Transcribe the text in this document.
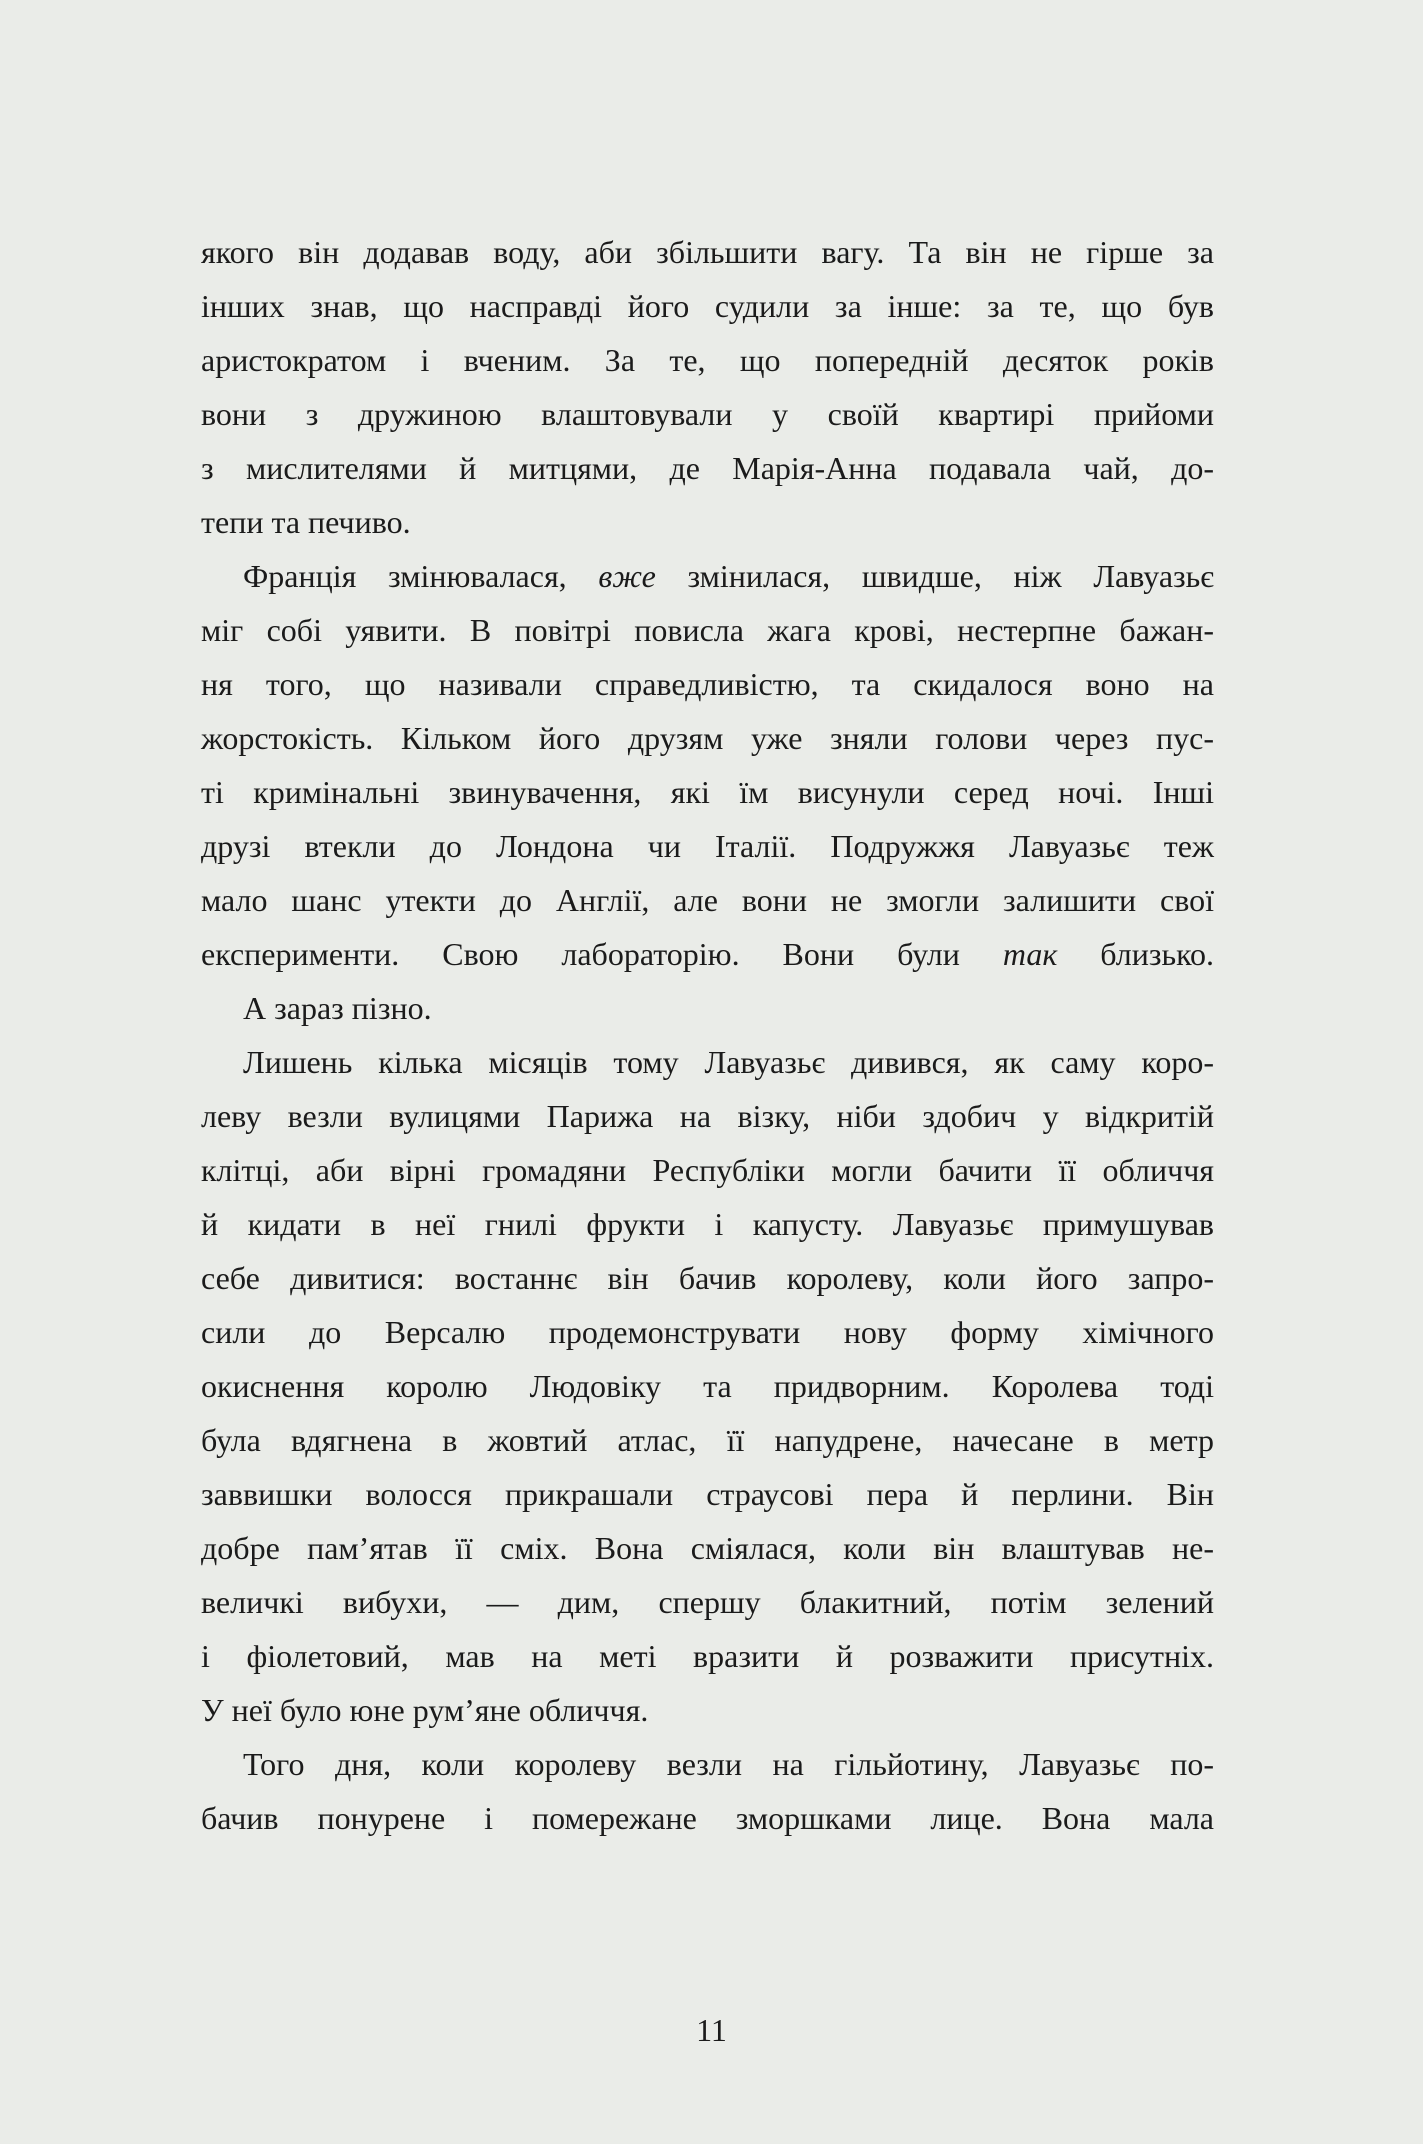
якого він додавав воду, аби збільшити вагу. Та він не гірше за
інших знав, що насправді його судили за інше: за те, що був
аристократом і вченим. За те, що попередній десяток років
вони з дружиною влаштовували у своїй квартирі прийоми
з мислителями й митцями, де Марія-Анна подавала чай, до-
тепи та печиво.
Франція змінювалася, вже змінилася, швидше, ніж Лавуазьє
міг собі уявити. В повітрі повисла жага крові, нестерпне бажан-
ня того, що називали справедливістю, та скидалося воно на
жорстокість. Кільком його друзям уже зняли голови через пус-
ті кримінальні звинувачення, які їм висунули серед ночі. Інші
друзі втекли до Лондона чи Італії. Подружжя Лавуазьє теж
мало шанс утекти до Англії, але вони не змогли залишити свої
експерименти. Свою лабораторію. Вони були так близько.
А зараз пізно.
Лишень кілька місяців тому Лавуазьє дивився, як саму коро-
леву везли вулицями Парижа на візку, ніби здобич у відкритій
клітці, аби вірні громадяни Республіки могли бачити її обличчя
й кидати в неї гнилі фрукти і капусту. Лавуазьє примушував
себе дивитися: востаннє він бачив королеву, коли його запро-
сили до Версалю продемонструвати нову форму хімічного
окиснення королю Людовіку та придворним. Королева тоді
була вдягнена в жовтий атлас, її напудрене, начесане в метр
заввишки волосся прикрашали страусові пера й перлини. Він
добре пам’ятав її сміх. Вона сміялася, коли він влаштував не-
величкі вибухи, — дим, спершу блакитний, потім зелений
і фіолетовий, мав на меті вразити й розважити присутніх.
У неї було юне рум’яне обличчя.
Того дня, коли королеву везли на гільйотину, Лавуазьє по-
бачив понурене і помережане зморшками лице. Вона мала
11
